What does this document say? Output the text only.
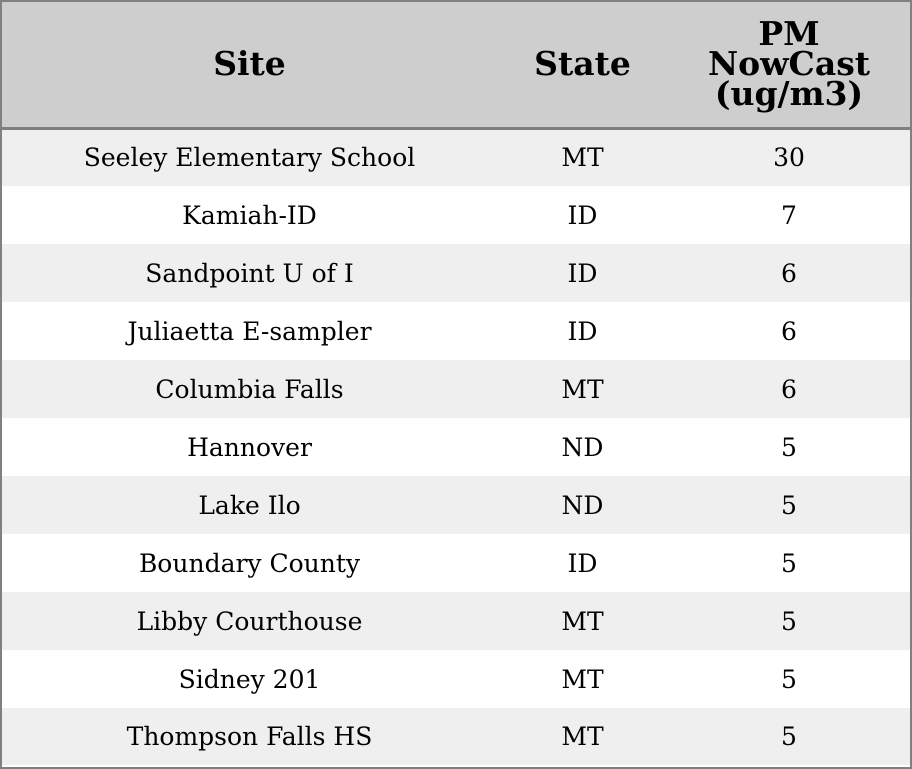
Site	State	PM
NowCast
(ug/m3)

Seeley Elementary School	MT	30
Kamiah-ID	ID	7
Sandpoint U of I	ID	6
Juliaetta E-sampler	ID	6
Columbia Falls	MT	6
Hannover	ND	5
Lake Ilo	ND	5
Boundary County	ID	5
Libby Courthouse	MT	5
Sidney 201	MT	5
Thompson Falls HS	MT	5
